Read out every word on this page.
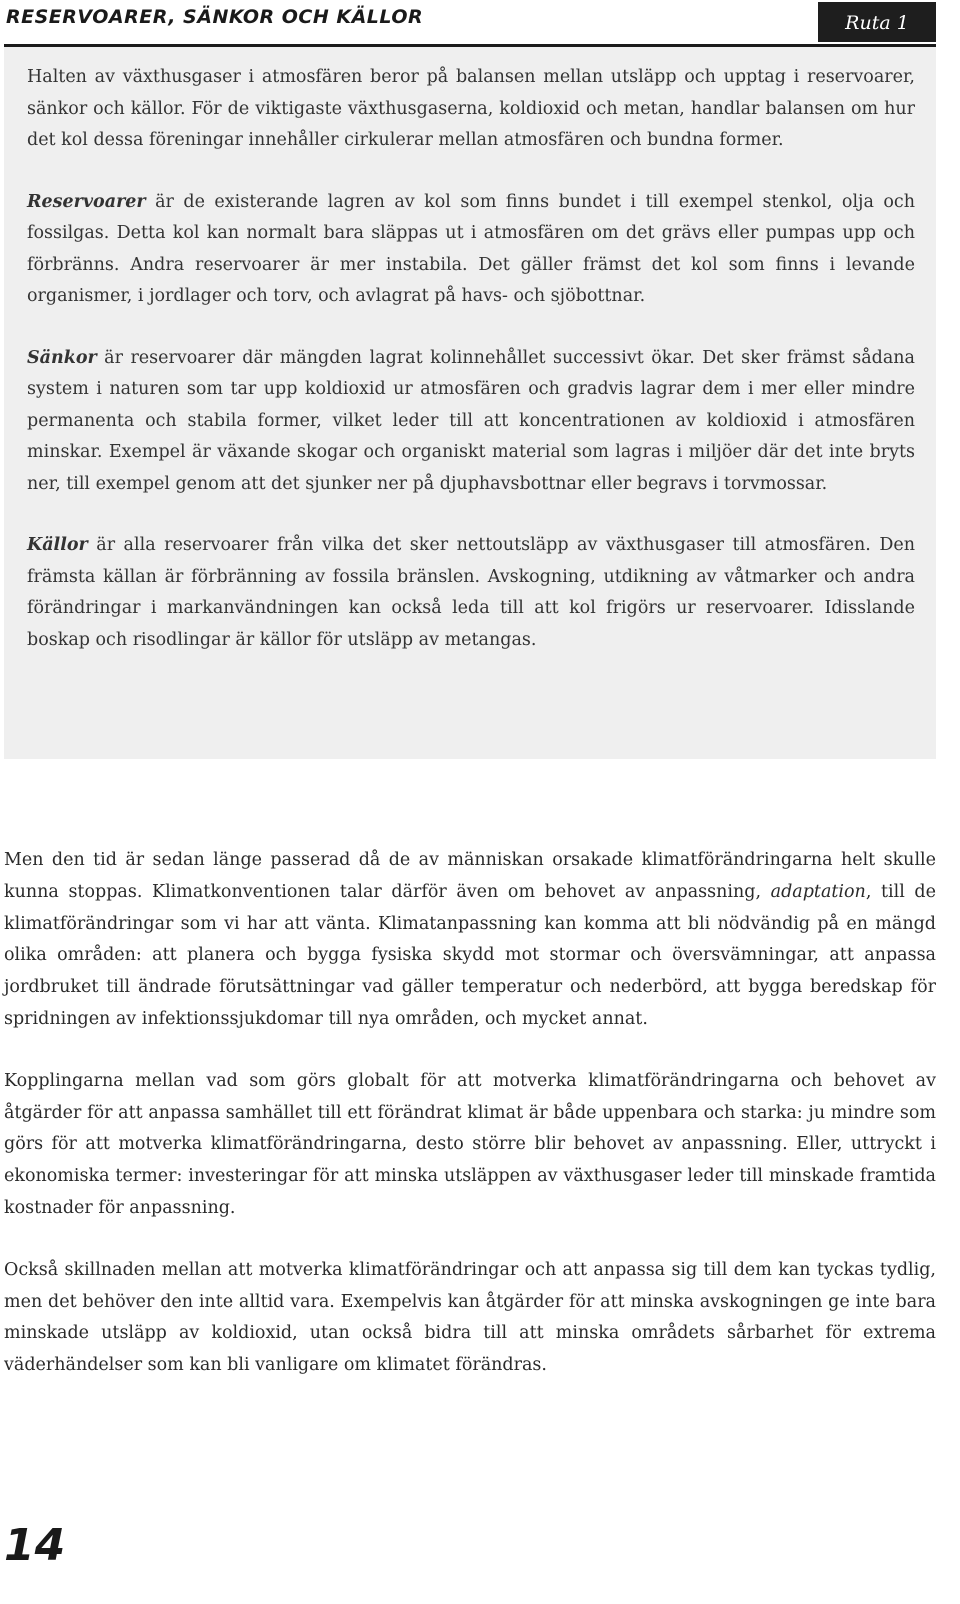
RESERVOARER, SÄNKOR OCH KÄLLOR	Ruta 1

Halten av växthusgaser i atmosfären beror på balansen mellan utsläpp och upptag i reservoarer, sänkor och källor. För de viktigaste växthusgaserna, koldioxid och metan, handlar balansen om hur det kol dessa föreningar innehåller cirkulerar mellan atmosfären och bundna former.

Reservoarer är de existerande lagren av kol som finns bundet i till exempel stenkol, olja och fossilgas. Detta kol kan normalt bara släppas ut i atmosfären om det grävs eller pumpas upp och förbränns. Andra reservoarer är mer instabila. Det gäller främst det kol som finns i levande organismer, i jordlager och torv, och avlagrat på havs- och sjöbottnar.

Sänkor är reservoarer där mängden lagrat kolinnehållet successivt ökar. Det sker främst sådana system i naturen som tar upp koldioxid ur atmosfären och gradvis lagrar dem i mer eller mindre permanenta och stabila former, vilket leder till att koncentrationen av koldioxid i atmosfären minskar. Exempel är växande skogar och organiskt material som lagras i miljöer där det inte bryts ner, till exempel genom att det sjunker ner på djuphavsbottnar eller begravs i torvmossar.

Källor är alla reservoarer från vilka det sker nettoutsläpp av växthusgaser till atmosfären. Den främsta källan är förbränning av fossila bränslen. Avskogning, utdikning av våtmarker och andra förändringar i markanvändningen kan också leda till att kol frigörs ur reservoarer. Idisslande boskap och risodlingar är källor för utsläpp av metangas.

Men den tid är sedan länge passerad då de av människan orsakade klimatförändringarna helt skulle kunna stoppas. Klimatkonventionen talar därför även om behovet av anpassning, adaptation, till de klimatförändringar som vi har att vänta. Klimatanpassning kan komma att bli nödvändig på en mängd olika områden: att planera och bygga fysiska skydd mot stormar och översvämningar, att anpassa jordbruket till ändrade förutsättningar vad gäller temperatur och nederbörd, att bygga beredskap för spridningen av infektionssjukdomar till nya områden, och mycket annat.

Kopplingarna mellan vad som görs globalt för att motverka klimatförändringarna och behovet av åtgärder för att anpassa samhället till ett förändrat klimat är både uppenbara och starka: ju mindre som görs för att motverka klimatförändringarna, desto större blir behovet av anpassning. Eller, uttryckt i ekonomiska termer: investeringar för att minska utsläppen av växthusgaser leder till minskade framtida kostnader för anpassning.

Också skillnaden mellan att motverka klimatförändringar och att anpassa sig till dem kan tyckas tydlig, men det behöver den inte alltid vara. Exempelvis kan åtgärder för att minska avskogningen ge inte bara minskade utsläpp av koldioxid, utan också bidra till att minska områdets sårbarhet för extrema väderhändelser som kan bli vanligare om klimatet förändras.

14
